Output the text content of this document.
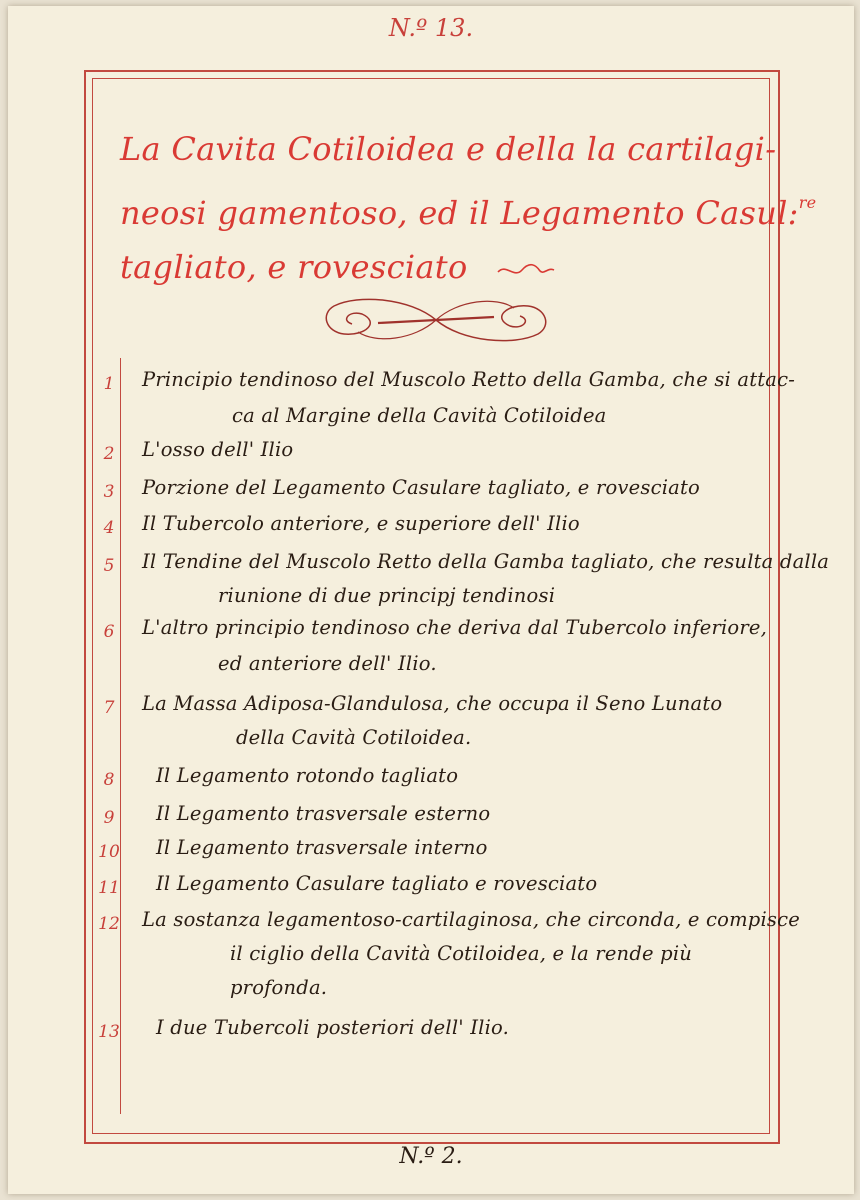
N.º 13.
La Cavita Cotiloidea e della la cartilagi-
neosi gamentoso, ed il Legamento Casul:$^{re}$
tagliato, e rovesciato
1	Principio tendinoso del Muscolo Retto della Gamba, che si attac-
ca al Margine della Cavità Cotiloidea
2	L'osso dell' Ilio
3	Porzione del Legamento Casulare tagliato, e rovesciato
4	Il Tubercolo anteriore, e superiore dell' Ilio
5	Il Tendine del Muscolo Retto della Gamba tagliato, che resulta dalla
riunione di due principj tendinosi
6	L'altro principio tendinoso che deriva dal Tubercolo inferiore,
ed anteriore dell' Ilio.
7	La Massa Adiposa-Glandulosa, che occupa il Seno Lunato
della Cavità Cotiloidea.
8	Il Legamento rotondo tagliato
9	Il Legamento trasversale esterno
10	Il Legamento trasversale interno
11	Il Legamento Casulare tagliato e rovesciato
12	La sostanza legamentoso-cartilaginosa, che circonda, e compisce
il ciglio della Cavità Cotiloidea, e la rende più
profonda.
13	I due Tubercoli posteriori dell' Ilio.
N.º 2.
